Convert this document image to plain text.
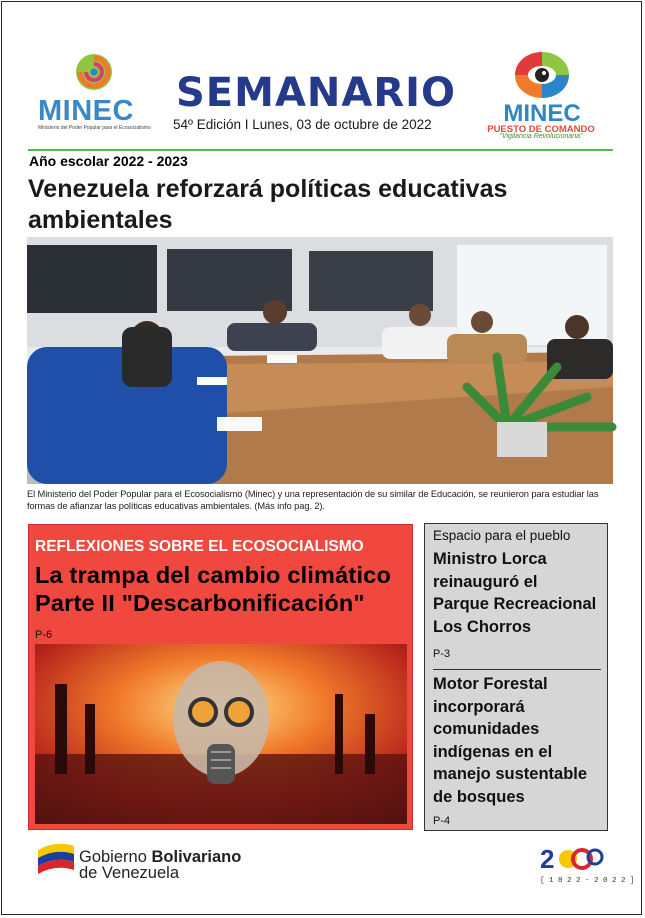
MINEC
Ministerio del Poder Popular para el Ecosocialismo
SEMANARIO
54º Edición I Lunes, 03 de octubre de 2022	MINEC
PUESTO DE COMANDO
"Vigilancia Revolucionaria"
Año escolar 2022 - 2023
Venezuela reforzará políticas educativas ambientales
El Ministerio del Poder Popular para el Ecosocialismo (Minec) y una representación de su similar de Educación, se reunieron para estudiar las formas de afianzar las políticas educativas ambientales. (Más info pag. 2).
REFLEXIONES SOBRE EL ECOSOCIALISMO
La trampa del cambio climático
Parte II "Descarbonificación"
P-6
Espacio para el pueblo
Ministro Lorca
reinauguró el
Parque Recreacional
Los Chorros
P-3
Motor Forestal
incorporará
comunidades
indígenas en el
manejo sustentable
de bosques
P-4
Gobierno Bolivariano
de Venezuela	2
[ 1 8 2 2 - 2 0 2 2 ]
